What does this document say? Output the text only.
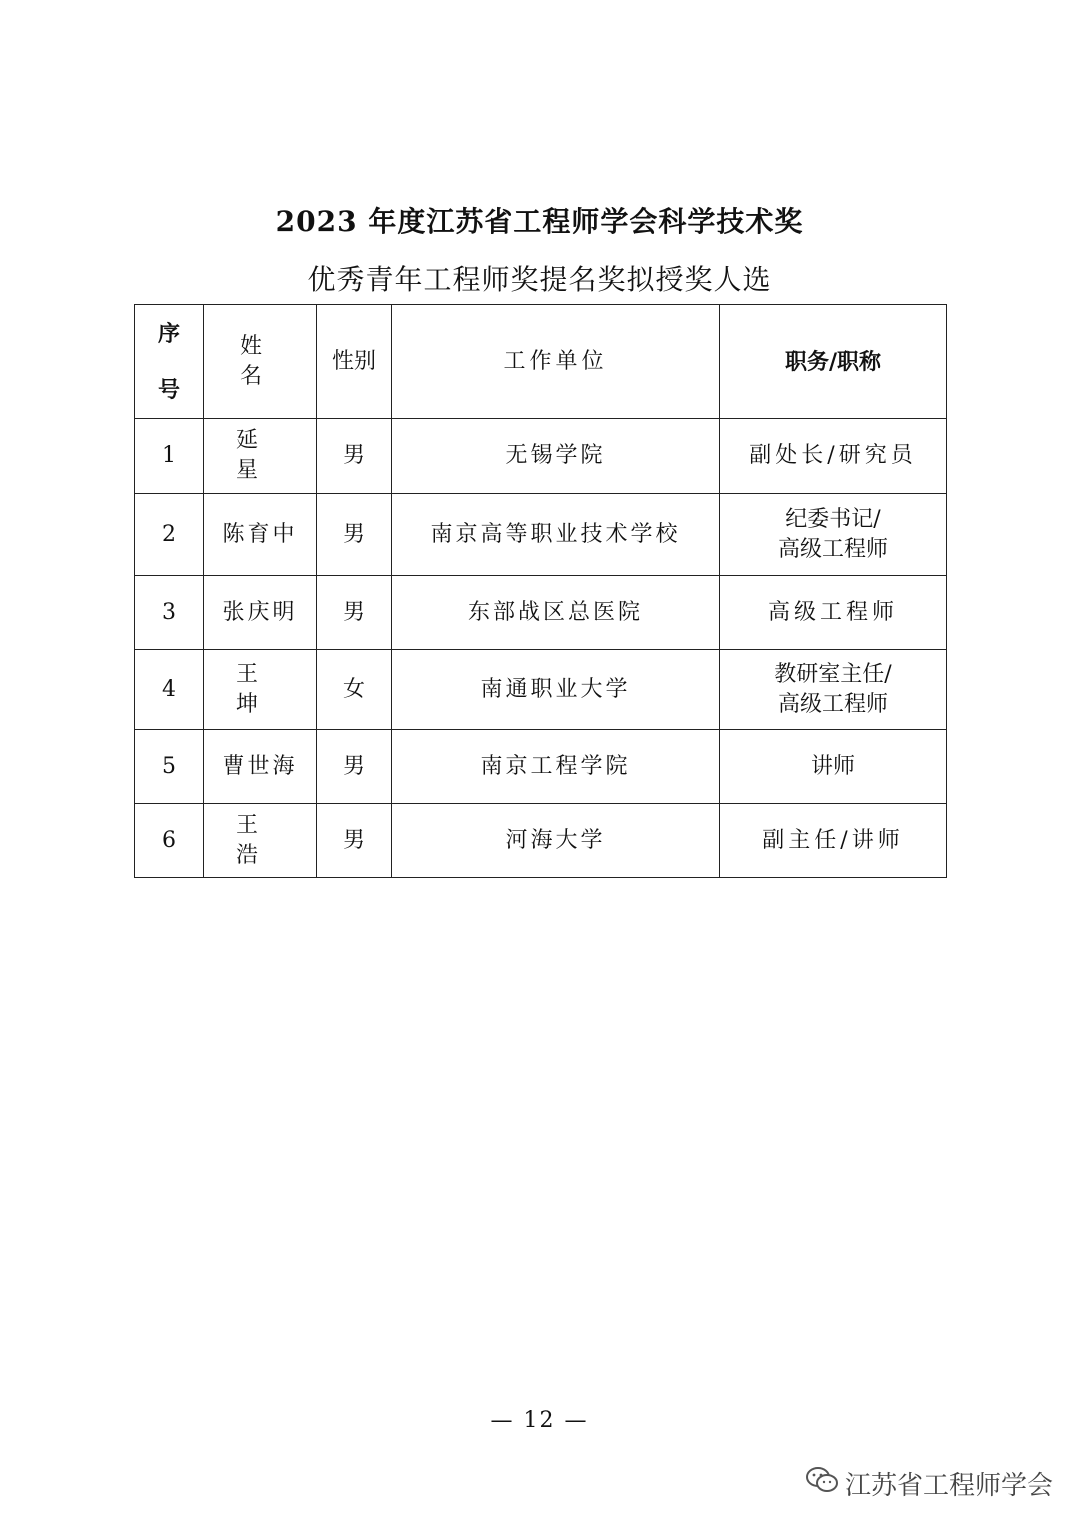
2023 年度江苏省工程师学会科学技术奖
优秀青年工程师奖提名奖拟授奖人选
序号	姓 名	性别	工作单位	职务/职称
1	延 星	男	无锡学院	副处长/研究员

2	陈育中	男	南京高等职业技术学校	纪委书记/
高级工程师

3	张庆明	男	东部战区总医院	高级工程师

4	王 坤	女	南通职业大学	教研室主任/
高级工程师

5	曹世海	男	南京工程学院	讲师

6	王 浩	男	河海大学	副主任/讲师
— 12 —
江苏省工程师学会
